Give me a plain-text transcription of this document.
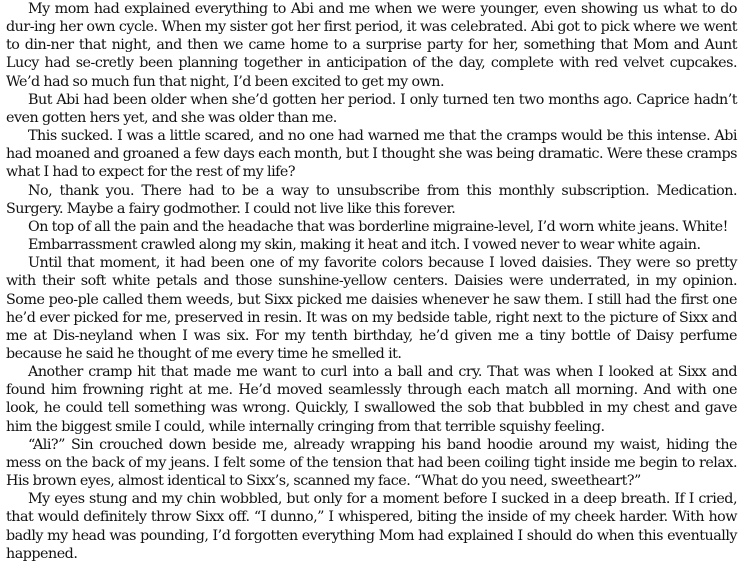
My mom had explained everything to Abi and me when we were younger, even showing us what to do dur-ing her own cycle. When my sister got her first period, it was celebrated. Abi got to pick where we went to din-ner that night, and then we came home to a surprise party for her, something that Mom and Aunt Lucy had se-cretly been planning together in anticipation of the day, complete with red velvet cupcakes. We’d had so much fun that night, I’d been excited to get my own.

But Abi had been older when she’d gotten her period. I only turned ten two months ago. Caprice hadn’t even gotten hers yet, and she was older than me.

This sucked. I was a little scared, and no one had warned me that the cramps would be this intense. Abi had moaned and groaned a few days each month, but I thought she was being dramatic. Were these cramps what I had to expect for the rest of my life?

No, thank you. There had to be a way to unsubscribe from this monthly subscription. Medication. Surgery. Maybe a fairy godmother. I could not live like this forever.

On top of all the pain and the headache that was borderline migraine-level, I’d worn white jeans. White!

Embarrassment crawled along my skin, making it heat and itch. I vowed never to wear white again.

Until that moment, it had been one of my favorite colors because I loved daisies. They were so pretty with their soft white petals and those sunshine-yellow centers. Daisies were underrated, in my opinion. Some peo-ple called them weeds, but Sixx picked me daisies whenever he saw them. I still had the first one he’d ever picked for me, preserved in resin. It was on my bedside table, right next to the picture of Sixx and me at Dis-neyland when I was six. For my tenth birthday, he’d given me a tiny bottle of Daisy perfume because he said he thought of me every time he smelled it.

Another cramp hit that made me want to curl into a ball and cry. That was when I looked at Sixx and found him frowning right at me. He’d moved seamlessly through each match all morning. And with one look, he could tell something was wrong. Quickly, I swallowed the sob that bubbled in my chest and gave him the biggest smile I could, while internally cringing from that terrible squishy feeling.

“Ali?” Sin crouched down beside me, already wrapping his band hoodie around my waist, hiding the mess on the back of my jeans. I felt some of the tension that had been coiling tight inside me begin to relax. His brown eyes, almost identical to Sixx’s, scanned my face. “What do you need, sweetheart?”

My eyes stung and my chin wobbled, but only for a moment before I sucked in a deep breath. If I cried, that would definitely throw Sixx off. “I dunno,” I whispered, biting the inside of my cheek harder. With how badly my head was pounding, I’d forgotten everything Mom had explained I should do when this eventually happened.
